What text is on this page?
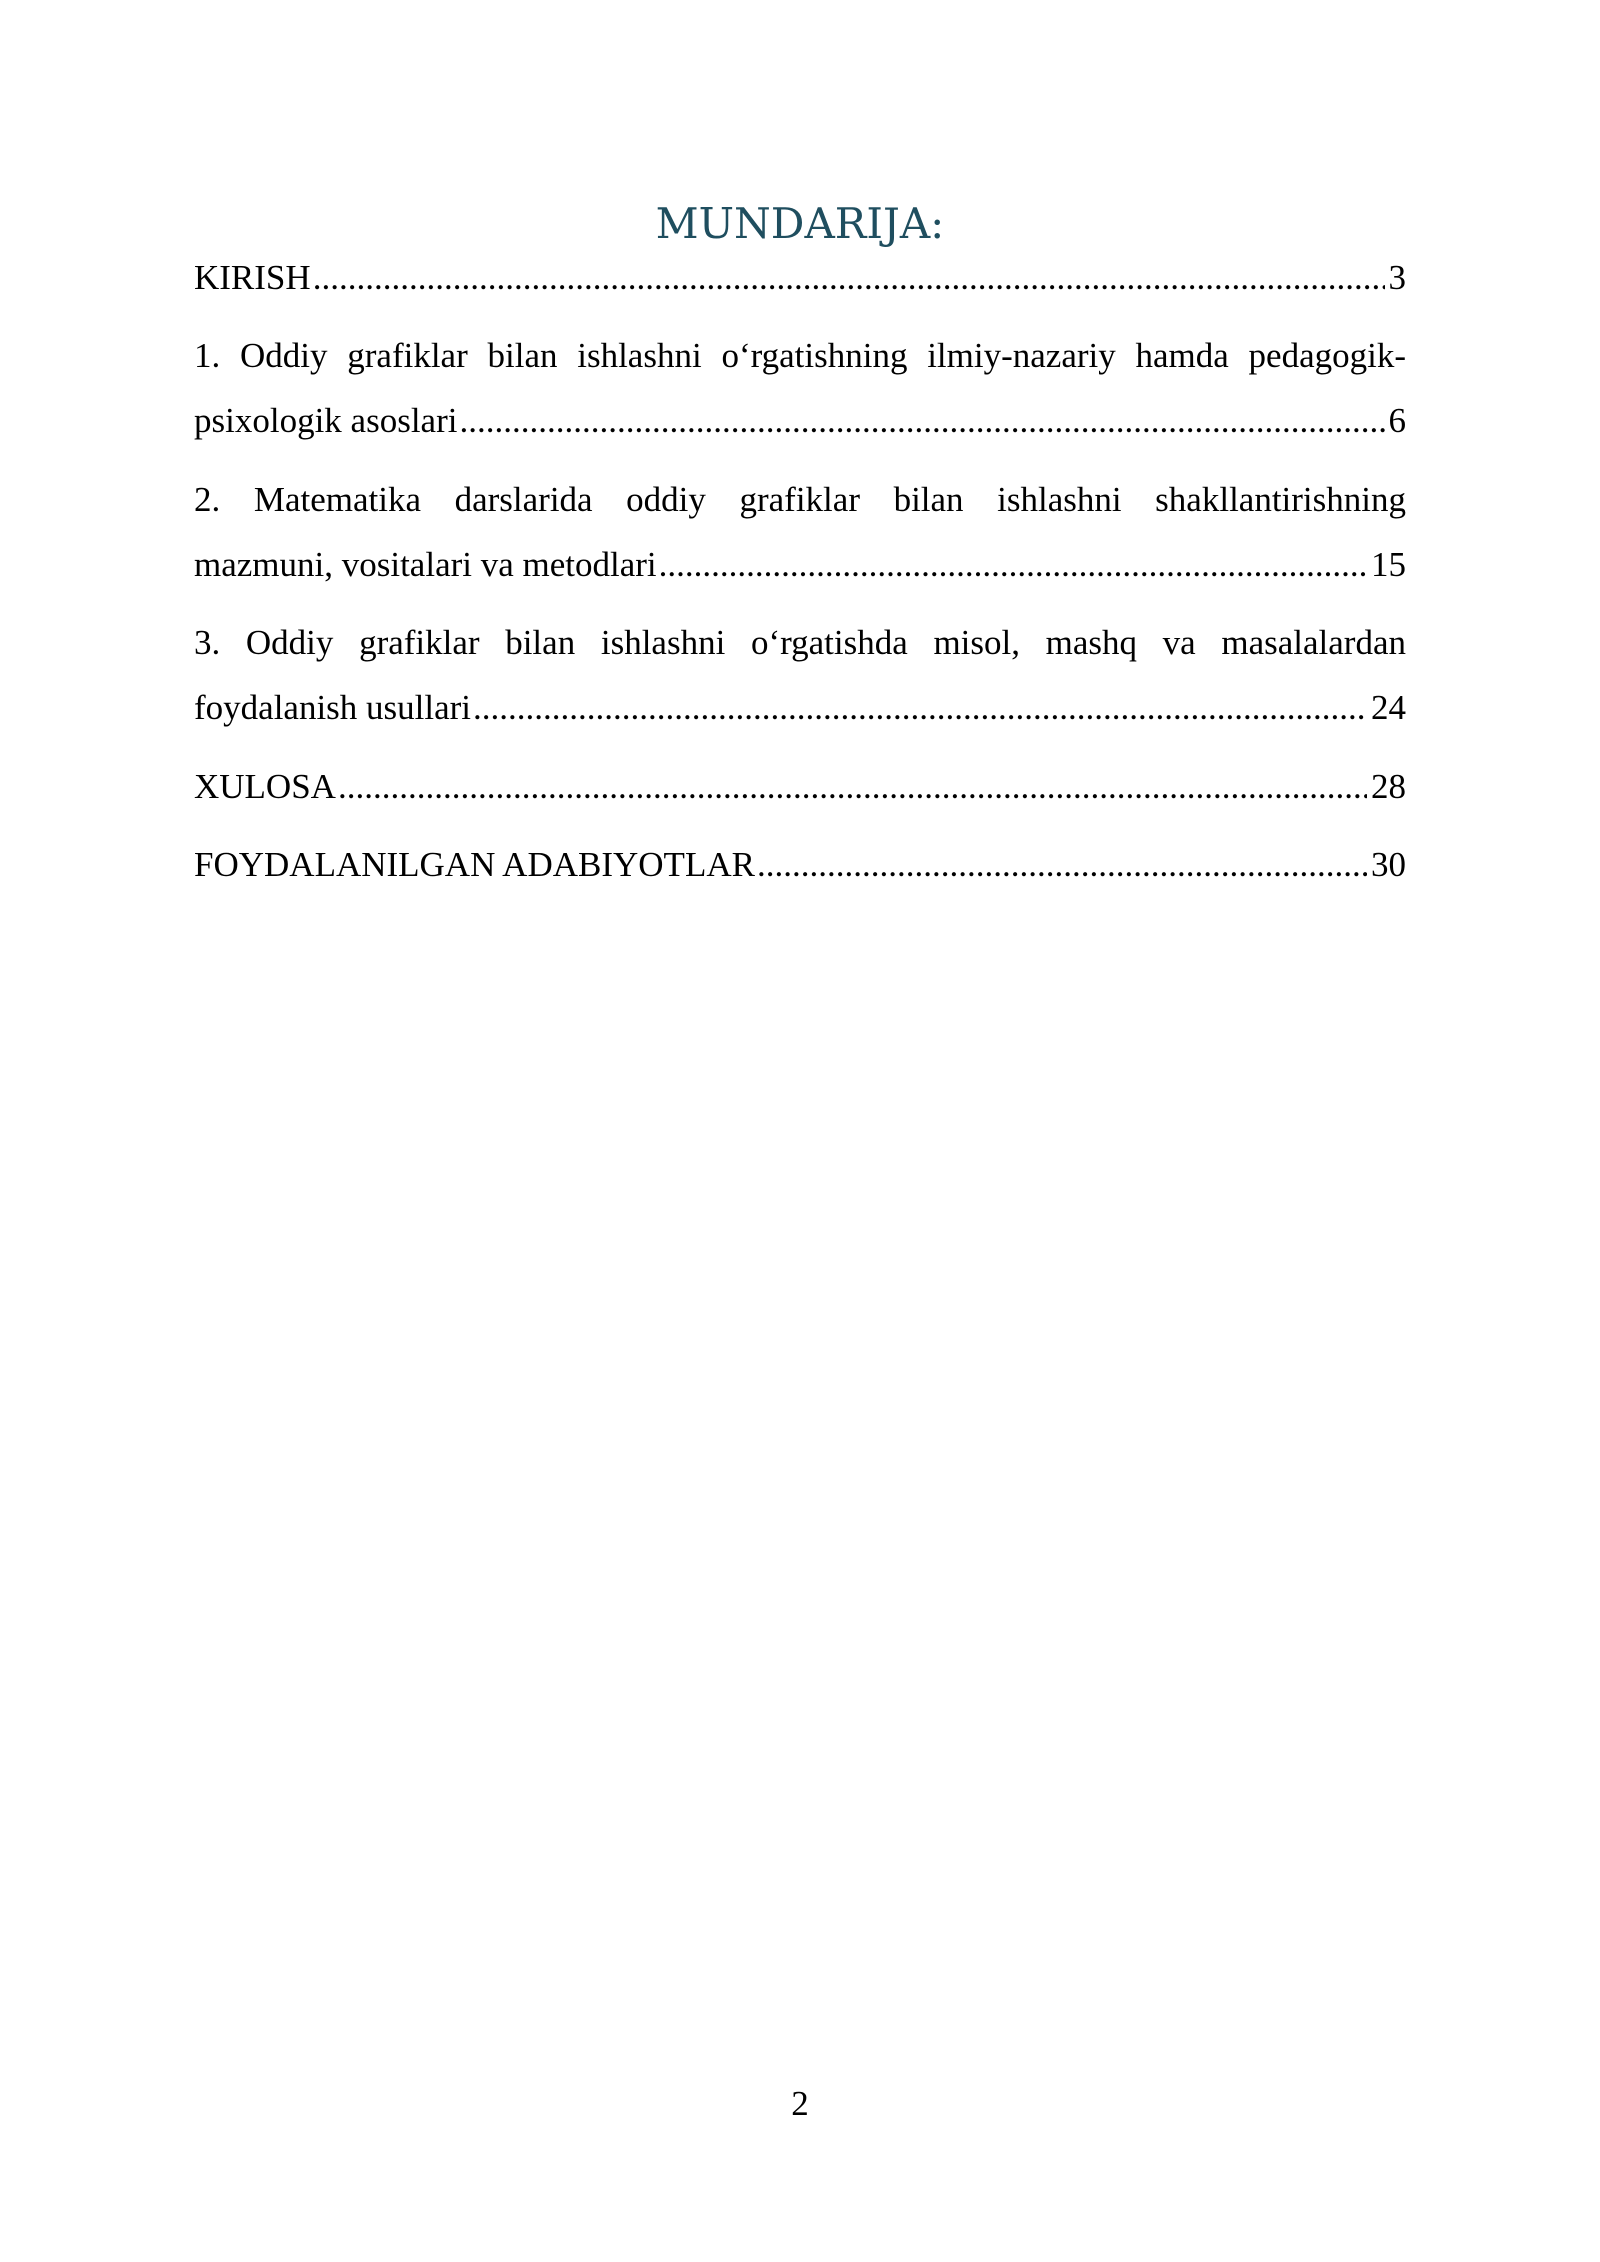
MUNDARIJA:
KIRISH .....	3
1. Oddiy grafiklar bilan ishlashni o‘rgatishning ilmiy-nazariy hamda pedagogik-
psixologik asoslari .....	6
2. Matematika darslarida oddiy grafiklar bilan ishlashni shakllantirishning
mazmuni, vositalari va metodlari .....	15
3. Oddiy grafiklar bilan ishlashni o‘rgatishda misol, mashq va masalalardan
foydalanish usullari .....	24
XULOSA .....	28
FOYDALANILGAN ADABIYOTLAR .....	30
2
